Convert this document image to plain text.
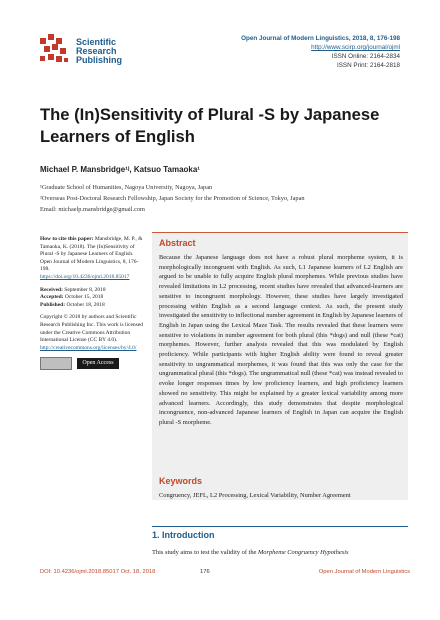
Scientific
Research
Publishing
Open Journal of Modern Linguistics, 2018, 8, 176-198
http://www.scirp.org/journal/ojml
ISSN Online: 2164-2834
ISSN Print: 2164-2818
The (In)Sensitivity of Plural -S by Japanese Learners of English
Michael P. Mansbridge¹ʲ, Katsuo Tamaoka¹
¹Graduate School of Humanities, Nagoya University, Nagoya, Japan
²Overseas Post-Doctoral Research Fellowship, Japan Society for the Promotion of Science, Tokyo, Japan
Email: michaelp.mansbridge@gmail.com

How to cite this paper: Mansbridge, M. P., & Tamaoka, K. (2018). The (In)Sensitivity of Plural -S by Japanese Learners of English. Open Journal of Modern Linguistics, 8, 176-198.
https://doi.org/10.4236/ojml.2018.85017

Received: September 8, 2018
Accepted: October 15, 2018
Published: October 18, 2018

Copyright © 2018 by authors and Scientific Research Publishing Inc. This work is licensed under the Creative Commons Attribution International License (CC BY 4.0).
http://creativecommons.org/licenses/by/4.0/

Open Access
Abstract
Because the Japanese language does not have a robust plural morpheme system, it is morphologically incongruent with English. As such, L1 Japanese learners of L2 English are argued to be unable to fully acquire English plural morphemes. While previous studies have revealed limitations in L2 processing, recent studies have revealed that advanced-learners are sensitive to incongruent morphology. However, these studies have largely investigated processing within English as a second language context. As such, the present study investigated the sensitivity to inflectional number agreement in English by Japanese learners of English in Japan using the Lexical Maze Task. The results revealed that these learners were sensitive to violations in number agreement for both plural (this *dogs) and null (these *cat) morphemes. However, further analysis revealed that this was modulated by English proficiency. While participants with higher English ability were found to reveal greater sensitivity to ungrammatical morphemes, it was found that this was only the case for the ungrammatical plural (this *dogs). The ungrammatical null (these *cat) was instead revealed to evoke longer responses times by low proficiency learners, and high proficiency learners showed no sensitivity. This might be explained by a greater lexical variability among more advanced learners. Accordingly, this study demonstrates that despite morphological incongruence, non-advanced Japanese learners of English in Japan can acquire the English plural -S morpheme.
Keywords
Congruency, JEFL, L2 Processing, Lexical Variability, Number Agreement
1. Introduction
This study aims to test the validity of the Morpheme Congruency Hypothesis
DOI: 10.4236/ojml.2018.85017 Oct. 18, 2018	176	Open Journal of Modern Linguistics
